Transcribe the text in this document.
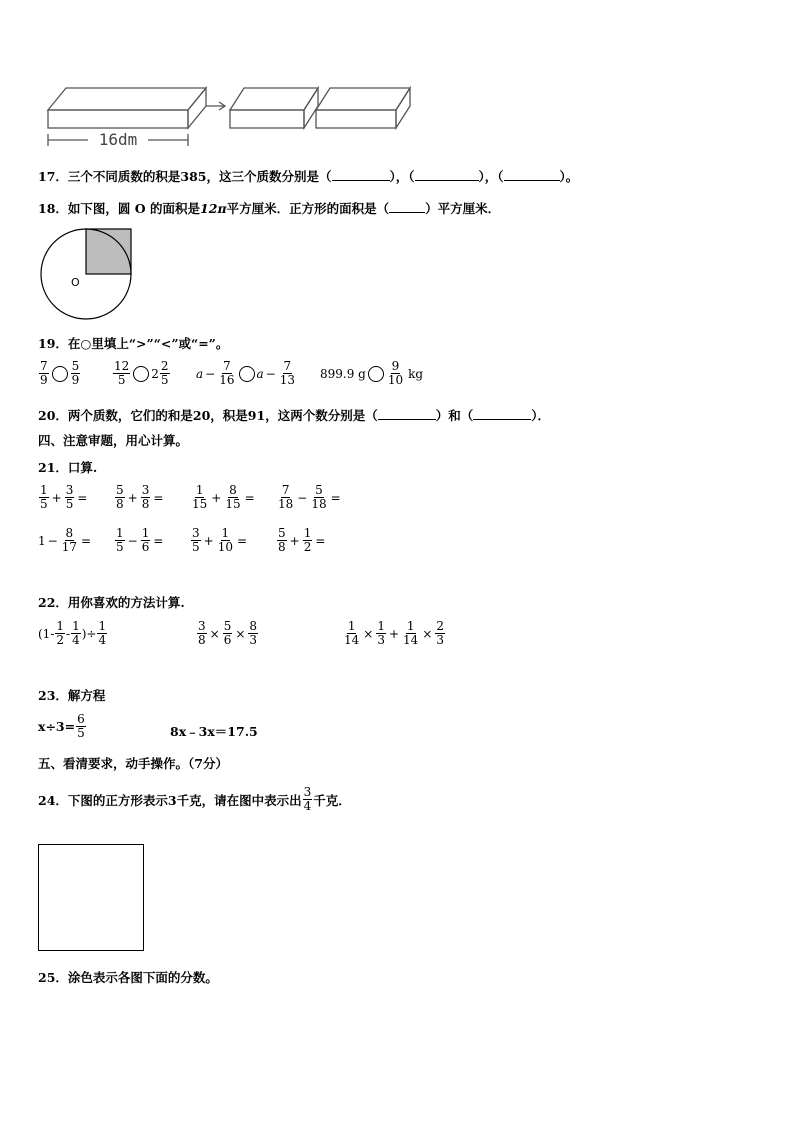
16dm
17．三个不同质数的积是385，这三个质数分别是（	），（	），（	）。
18．如下图，圆 O 的面积是12π平方厘米．正方形的面积是（	）平方厘米．
O
19．在○里填上“>”“<”或“=”。
$\frac{7}{9} \frac{5}{9}$	$\frac{12}{5} 2 \frac{2}{5}$ $a - \frac{7}{16}$ $a - \frac{7}{13} 899.9$ g $\frac{9}{10}$ kg
20．两个质数，它们的和是20，积是91，这两个数分别是（	）和（	）．
四、注意审题，用心计算。
21．口算.
$\frac{1}{5} + \frac{3}{5} = \frac{5}{8} + \frac{3}{8} = \frac{1}{15} + \frac{8}{15} = \frac{7}{18} - \frac{5}{18}$ =
$1 - \frac{8}{17} = \frac{1}{5} - \frac{1}{6} = \frac{3}{5} + \frac{1}{10} = \frac{5}{8} + \frac{1}{2}$ =
22．用你喜欢的方法计算.
($1- \frac{1}{2} - \frac{1}{4}$ )÷ $\frac{1}{4}$	$\frac{3}{8} \times \frac{5}{6} \times \frac{8}{3}$	$\frac{1}{14} \times \frac{1}{3} + \frac{1}{14} \times \frac{2}{3}$
23．解方程
$x\div 3= \frac{6}{5}$	8x﹣3x＝17.5
五、看清要求，动手操作。（7分）
24． 下图的正方形表示3千克，请在图中表示出 $\frac{3}{4}$ 千克．
25．涂色表示各图下面的分数。
